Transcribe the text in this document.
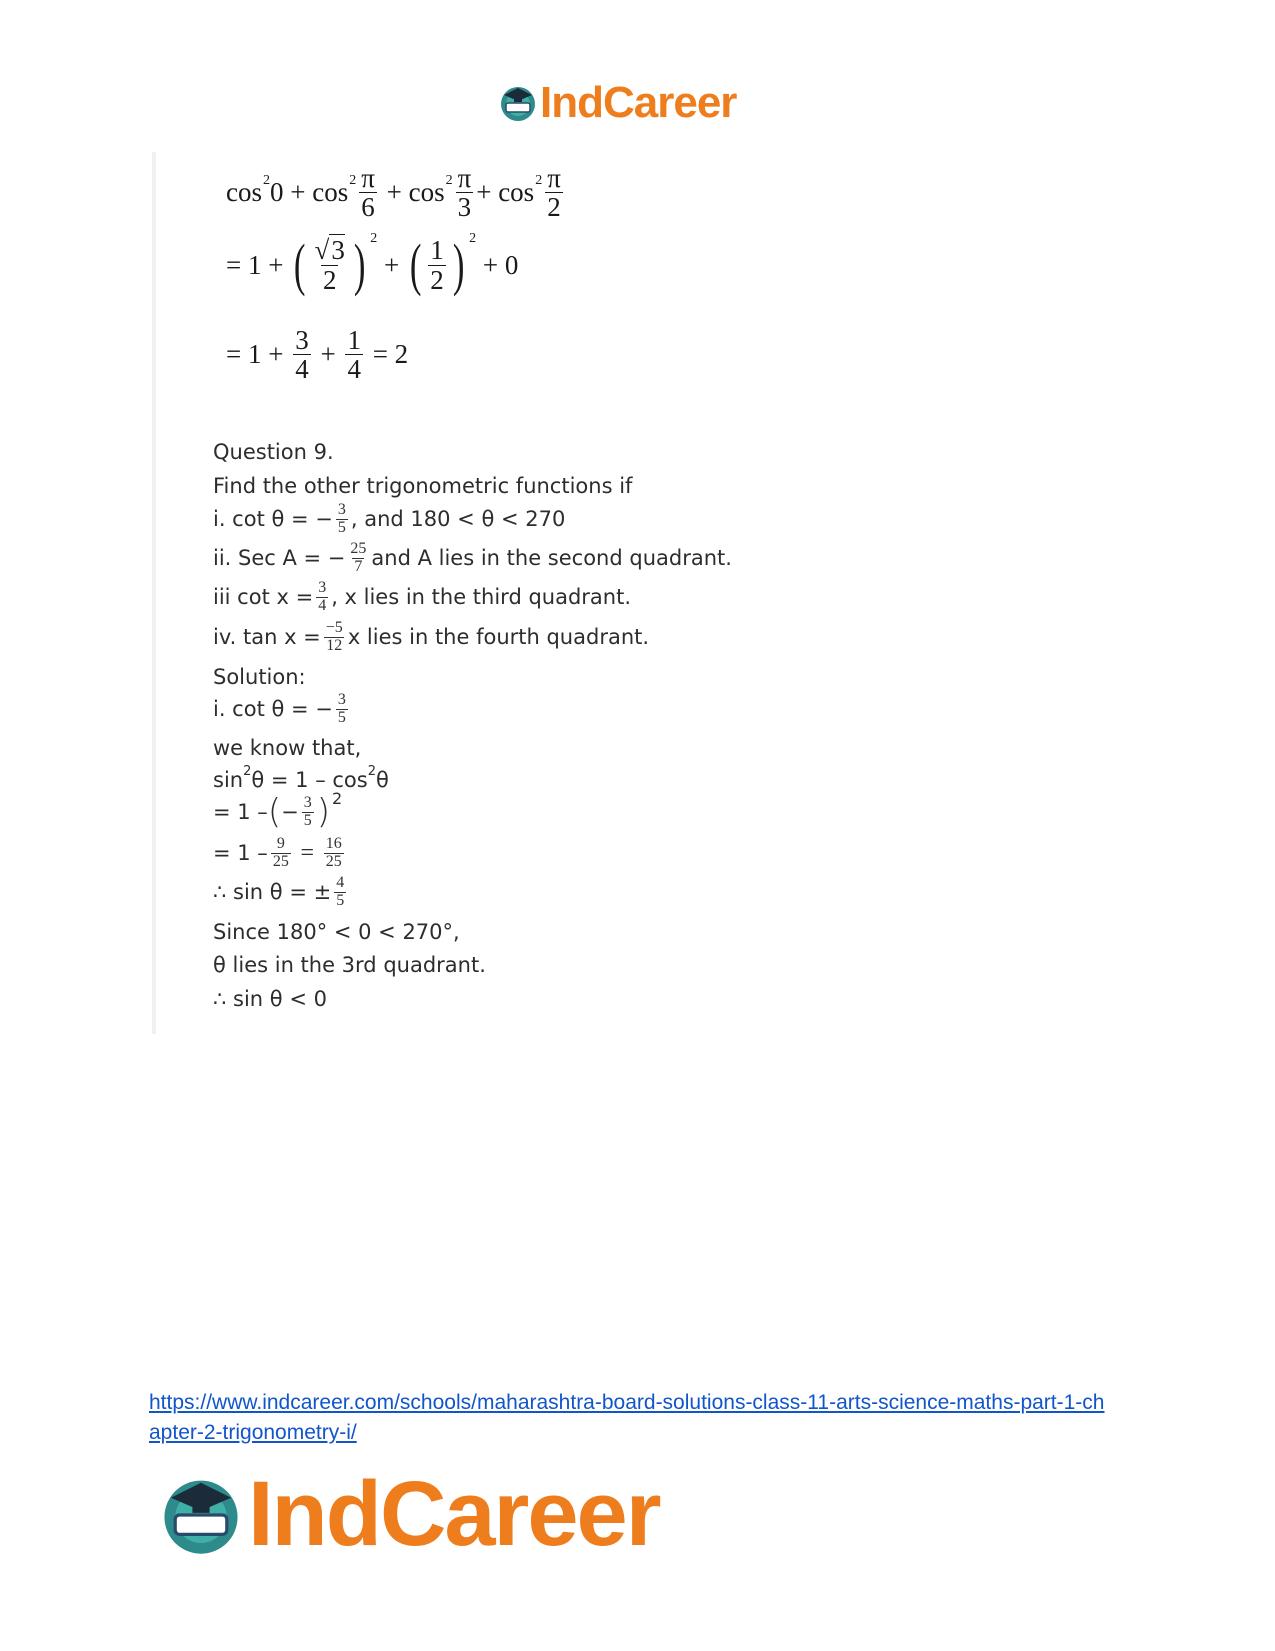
IndCareer
cos 2 $0 + \cos 2 \frac{\pi}{6}$
+ $\cos 2 \frac{\pi}{3} + \cos 2 \frac{\pi}{2}$
= 1 +
( $\frac{√3}{2}$ ) 2

+
( $\frac{1}{2}$ ) 2

+ 0
= 1 +
$\frac{3}{4}$
+
$\frac{1}{4}$
= 2
Question 9.
Find the other trigonometric functions if
i. cot θ = − $\frac{3}{5}$ , and 180 < θ < 270
ii. Sec A = − $\frac{25}{7}$ and A lies in the second quadrant.
iii $\cot x = \frac{3}{4}$ , x lies in the third quadrant.
iv. $\tan x = \frac{-5}{12}$ x lies in the fourth quadrant.
Solution:
i. cot θ = − $\frac{3}{5}$
we know that,
sin 2 θ = 1 – cos 2 θ
= 1 – ( − $\frac{3}{5}$ ) 2
= $1 - \frac{9}{25}$
=
$\frac{16}{25}$
∴ sin θ = ± $\frac{4}{5}$
Since 180° < 0 < 270°,
θ lies in the 3rd quadrant.
∴ sin θ < 0
https://www.indcareer.com/schools/maharashtra-board-solutions-class-11-arts-science-maths-part-1-chapter-2-trigonometry-i/
IndCareer
